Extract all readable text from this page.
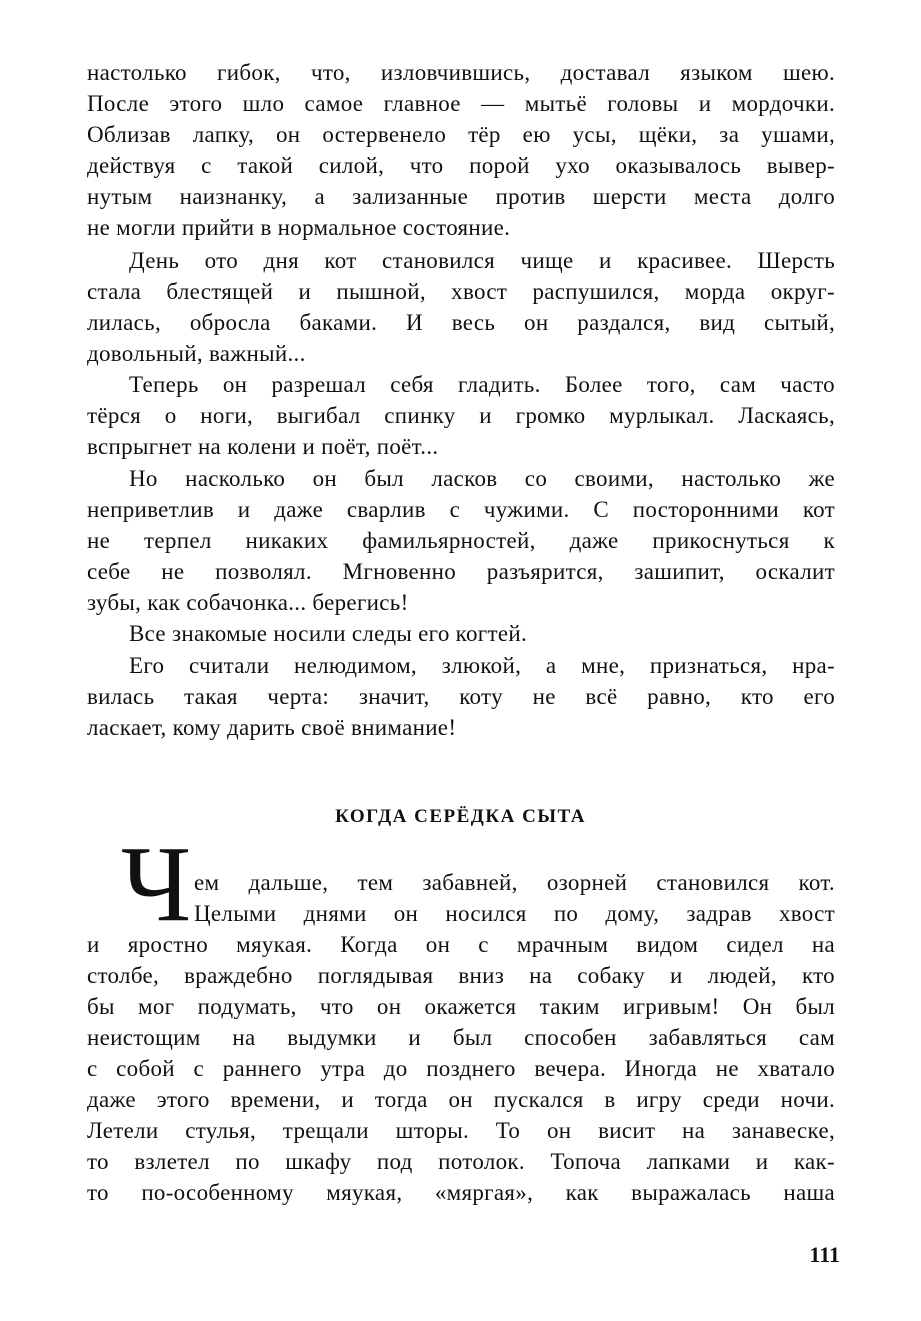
настолько гибок, что, изловчившись, доставал языком шею.
После этого шло самое главное — мытьё головы и мордочки.
Облизав лапку, он остервенело тёр ею усы, щёки, за ушами,
действуя с такой силой, что порой ухо оказывалось вывер-
нутым наизнанку, а зализанные против шерсти места долго
не могли прийти в нормальное состояние.
День ото дня кот становился чище и красивее. Шерсть
стала блестящей и пышной, хвост распушился, морда округ-
лилась, обросла баками. И весь он раздался, вид сытый,
довольный, важный...
Теперь он разрешал себя гладить. Более того, сам часто
тёрся о ноги, выгибал спинку и громко мурлыкал. Ласкаясь,
вспрыгнет на колени и поёт, поёт...
Но насколько он был ласков со своими, настолько же
неприветлив и даже сварлив с чужими. С посторонними кот
не терпел никаких фамильярностей, даже прикоснуться к
себе не позволял. Мгновенно разъярится, зашипит, оскалит
зубы, как собачонка... берегись!
Все знакомые носили следы его когтей.
Его считали нелюдимом, злюкой, а мне, признаться, нра-
вилась такая черта: значит, коту не всё равно, кто его
ласкает, кому дарить своё внимание!
КОГДА СЕРЁДКА СЫТА
Ч ем дальше, тем забавней, озорней становился кот.
Целыми днями он носился по дому, задрав хвост
и яростно мяукая. Когда он с мрачным видом сидел на
столбе, враждебно поглядывая вниз на собаку и людей, кто
бы мог подумать, что он окажется таким игривым! Он был
неистощим на выдумки и был способен забавляться сам
с собой с раннего утра до позднего вечера. Иногда не хватало
даже этого времени, и тогда он пускался в игру среди ночи.
Летели стулья, трещали шторы. То он висит на занавеске,
то взлетел по шкафу под потолок. Топоча лапками и как-
то по-особенному мяукая, «мяргая», как выражалась наша
111
